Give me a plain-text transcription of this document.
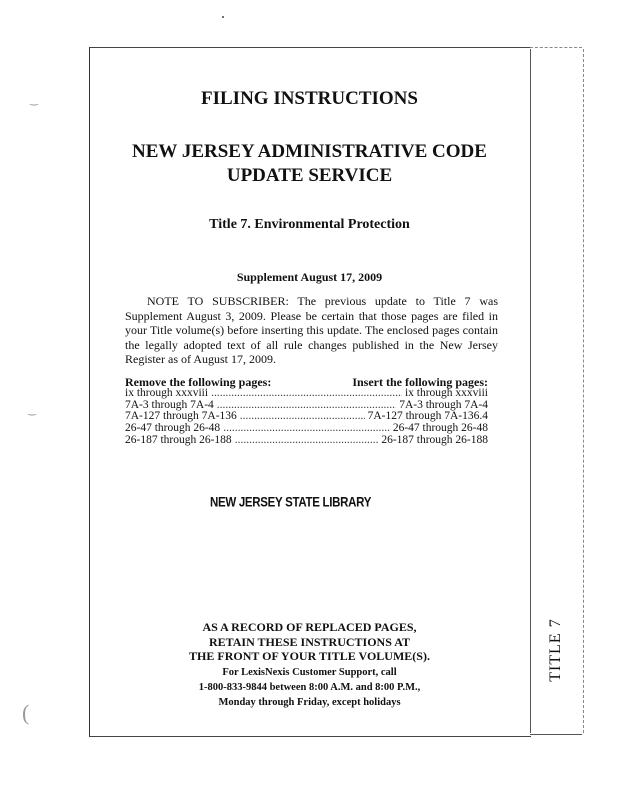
TITLE 7
‿
‿
(
FILING INSTRUCTIONS
NEW JERSEY ADMINISTRATIVE CODE
UPDATE SERVICE
Title 7. Environmental Protection
Supplement August 17, 2009
NOTE TO SUBSCRIBER: The previous update to Title 7 was Supplement August 3, 2009. Please be certain that those pages are filed in your Title volume(s) before inserting this update. The enclosed pages contain the legally adopted text of all rule changes published in the New Jersey Register as of August 17, 2009.
Remove the following pages:	Insert the following pages:
ix through xxxviii .....	ix through xxxviii
7A-3 through 7A-4 .....	7A-3 through 7A-4
7A-127 through 7A-136 .....	7A-127 through 7A-136.4
26-47 through 26-48 .....	26-47 through 26-48
26-187 through 26-188 .....	26-187 through 26-188
NEW JERSEY STATE LIBRARY
AS A RECORD OF REPLACED PAGES,
RETAIN THESE INSTRUCTIONS AT
THE FRONT OF YOUR TITLE VOLUME(S).
For LexisNexis Customer Support, call
1-800-833-9844 between 8:00 A.M. and 8:00 P.M.,
Monday through Friday, except holidays
